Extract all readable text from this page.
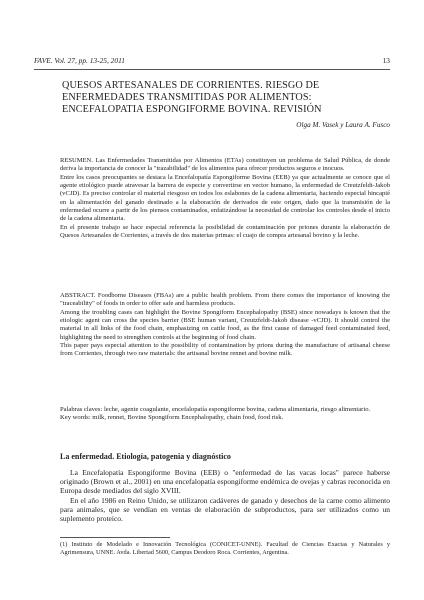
FAVE. Vol. 27, pp. 13-25, 2011	13
QUESOS ARTESANALES DE CORRIENTES. RIESGO DE ENFERMEDADES TRANSMITIDAS POR ALIMENTOS: ENCEFALOPATIA ESPONGIFORME BOVINA. REVISIÓN
Olga M. Vasek y Laura A. Fusco

RESUMEN. Las Enfermedades Transmitidas por Alimentos (ETAs) constituyen un problema de Salud Pública, de donde deriva la importancia de conocer la "trazabilidad" de los alimentos para ofrecer productos seguros e inocuos.

Entre los casos preocupantes se destaca la Encefalopatía Espongiforme Bovina (EEB) ya que actualmente se conoce que el agente etiológico puede atravesar la barrera de especie y convertirse en vector humano, la enfermedad de Creutzfeldt-Jakob (vCJD). Es preciso controlar el material riesgoso en todos los eslabones de la cadena alimentaria, haciendo especial hincapié en la alimentación del ganado destinado a la elaboración de derivados de este origen, dado que la transmisión de la enfermedad ocurre a partir de los piensos contaminados, enfatizándose la necesidad de controlar los controles desde el inicio de la cadena alimentaria.

En el presente trabajo se hace especial referencia la posibilidad de contaminación por priones durante la elaboración de Quesos Artesanales de Corrientes, a través de dos materias primas: el cuajo de compra artesanal bovino y la leche.

ABSTRACT. Foodborne Diseases (FBAs) are a public health problem. From there comes the importance of knowing the "traceability" of foods in order to offer safe and harmless products.

Among the troubling cases can highlight the Bovine Spongiform Encephalopathy (BSE) since nowadays is known that the etiologic agent can cross the species barrier (BSE human variant, Creutzfeldt-Jakob disease -vCJD). It should control the material in all links of the food chain, emphasizing on cattle food, as the first cause of damaged feed contaminated feed, highlighting the need to strengthen controls at the beginning of food chain.

This paper pays especial attention to the possibility of contamination by prions during the manufacture of artisanal cheese from Corrientes, through two raw materials: the artisanal bovine rennet and bovine milk.

Palabras claves: leche, agente coagulante, encefalopatía espongiforme bovina, cadena alimentaria, riesgo alimentario.

Key words: milk, rennet, Bovine Spongiform Encephalopathy, chain food, food risk.

La enfermedad. Etiología, patogenia y diagnóstico

La Encefalopatía Espongiforme Bovina (EEB) o "enfermedad de las vacas locas" parece haberse originado (Brown et al., 2001) en una encefalopatía espongiforme endémica de ovejas y cabras reconocida en Europa desde mediados del siglo XVIII.

En el año 1986 en Reino Unido, se utilizaron cadáveres de ganado y desechos de la carne como alimento para animales, que se vendían en ventas de elaboración de subproductos, para ser utilizados como un suplemento proteico.

(1) Instituto de Modelado e Innovación Tecnológica (CONICET-UNNE). Facultad de Ciencias Exactas y Naturales y Agrimensura, UNNE. Avda. Libertad 5600, Campus Deodoro Roca. Corrientes, Argentina.
